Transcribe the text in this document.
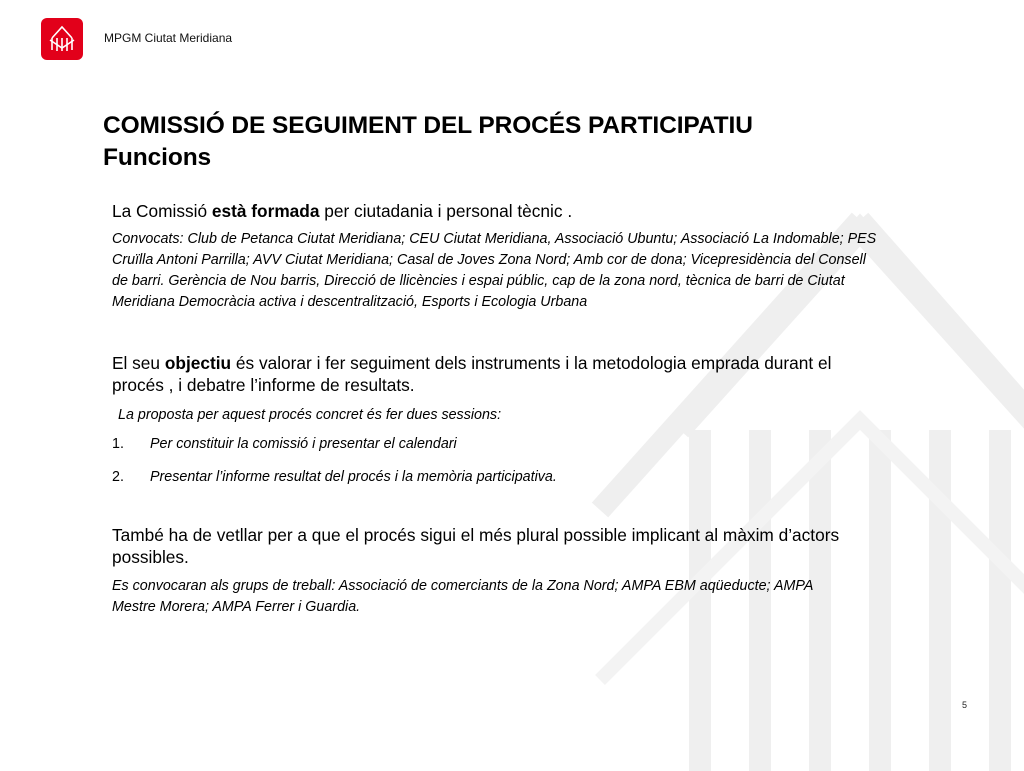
MPGM Ciutat Meridiana
COMISSIÓ DE SEGUIMENT DEL PROCÉS PARTICIPATIU
Funcions

La Comissió està formada per ciutadania i personal tècnic .

Convocats: Club de Petanca Ciutat Meridiana; CEU Ciutat Meridiana, Associació Ubuntu; Associació La Indomable; PES Cruïlla Antoni Parrilla; AVV Ciutat Meridiana; Casal de Joves Zona Nord; Amb cor de dona; Vicepresidència del Consell de barri. Gerència de Nou barris, Direcció de llicències i espai públic, cap de la zona nord, tècnica de barri de Ciutat Meridiana Democràcia activa i descentralització, Esports i Ecologia Urbana

El seu objectiu és valorar i fer seguiment dels instruments i la metodologia emprada durant el procés , i debatre l’informe de resultats.

La proposta per aquest procés concret és fer dues sessions:

1.	Per constituir la comissió i presentar el calendari
2.	Presentar l’informe resultat del procés i la memòria participativa.

També ha de vetllar per a que el procés sigui el més plural possible implicant al màxim d’actors possibles.

Es convocaran als grups de treball: Associació de comerciants de la Zona Nord; AMPA EBM aqüeducte; AMPA Mestre Morera; AMPA Ferrer i Guardia.

5
